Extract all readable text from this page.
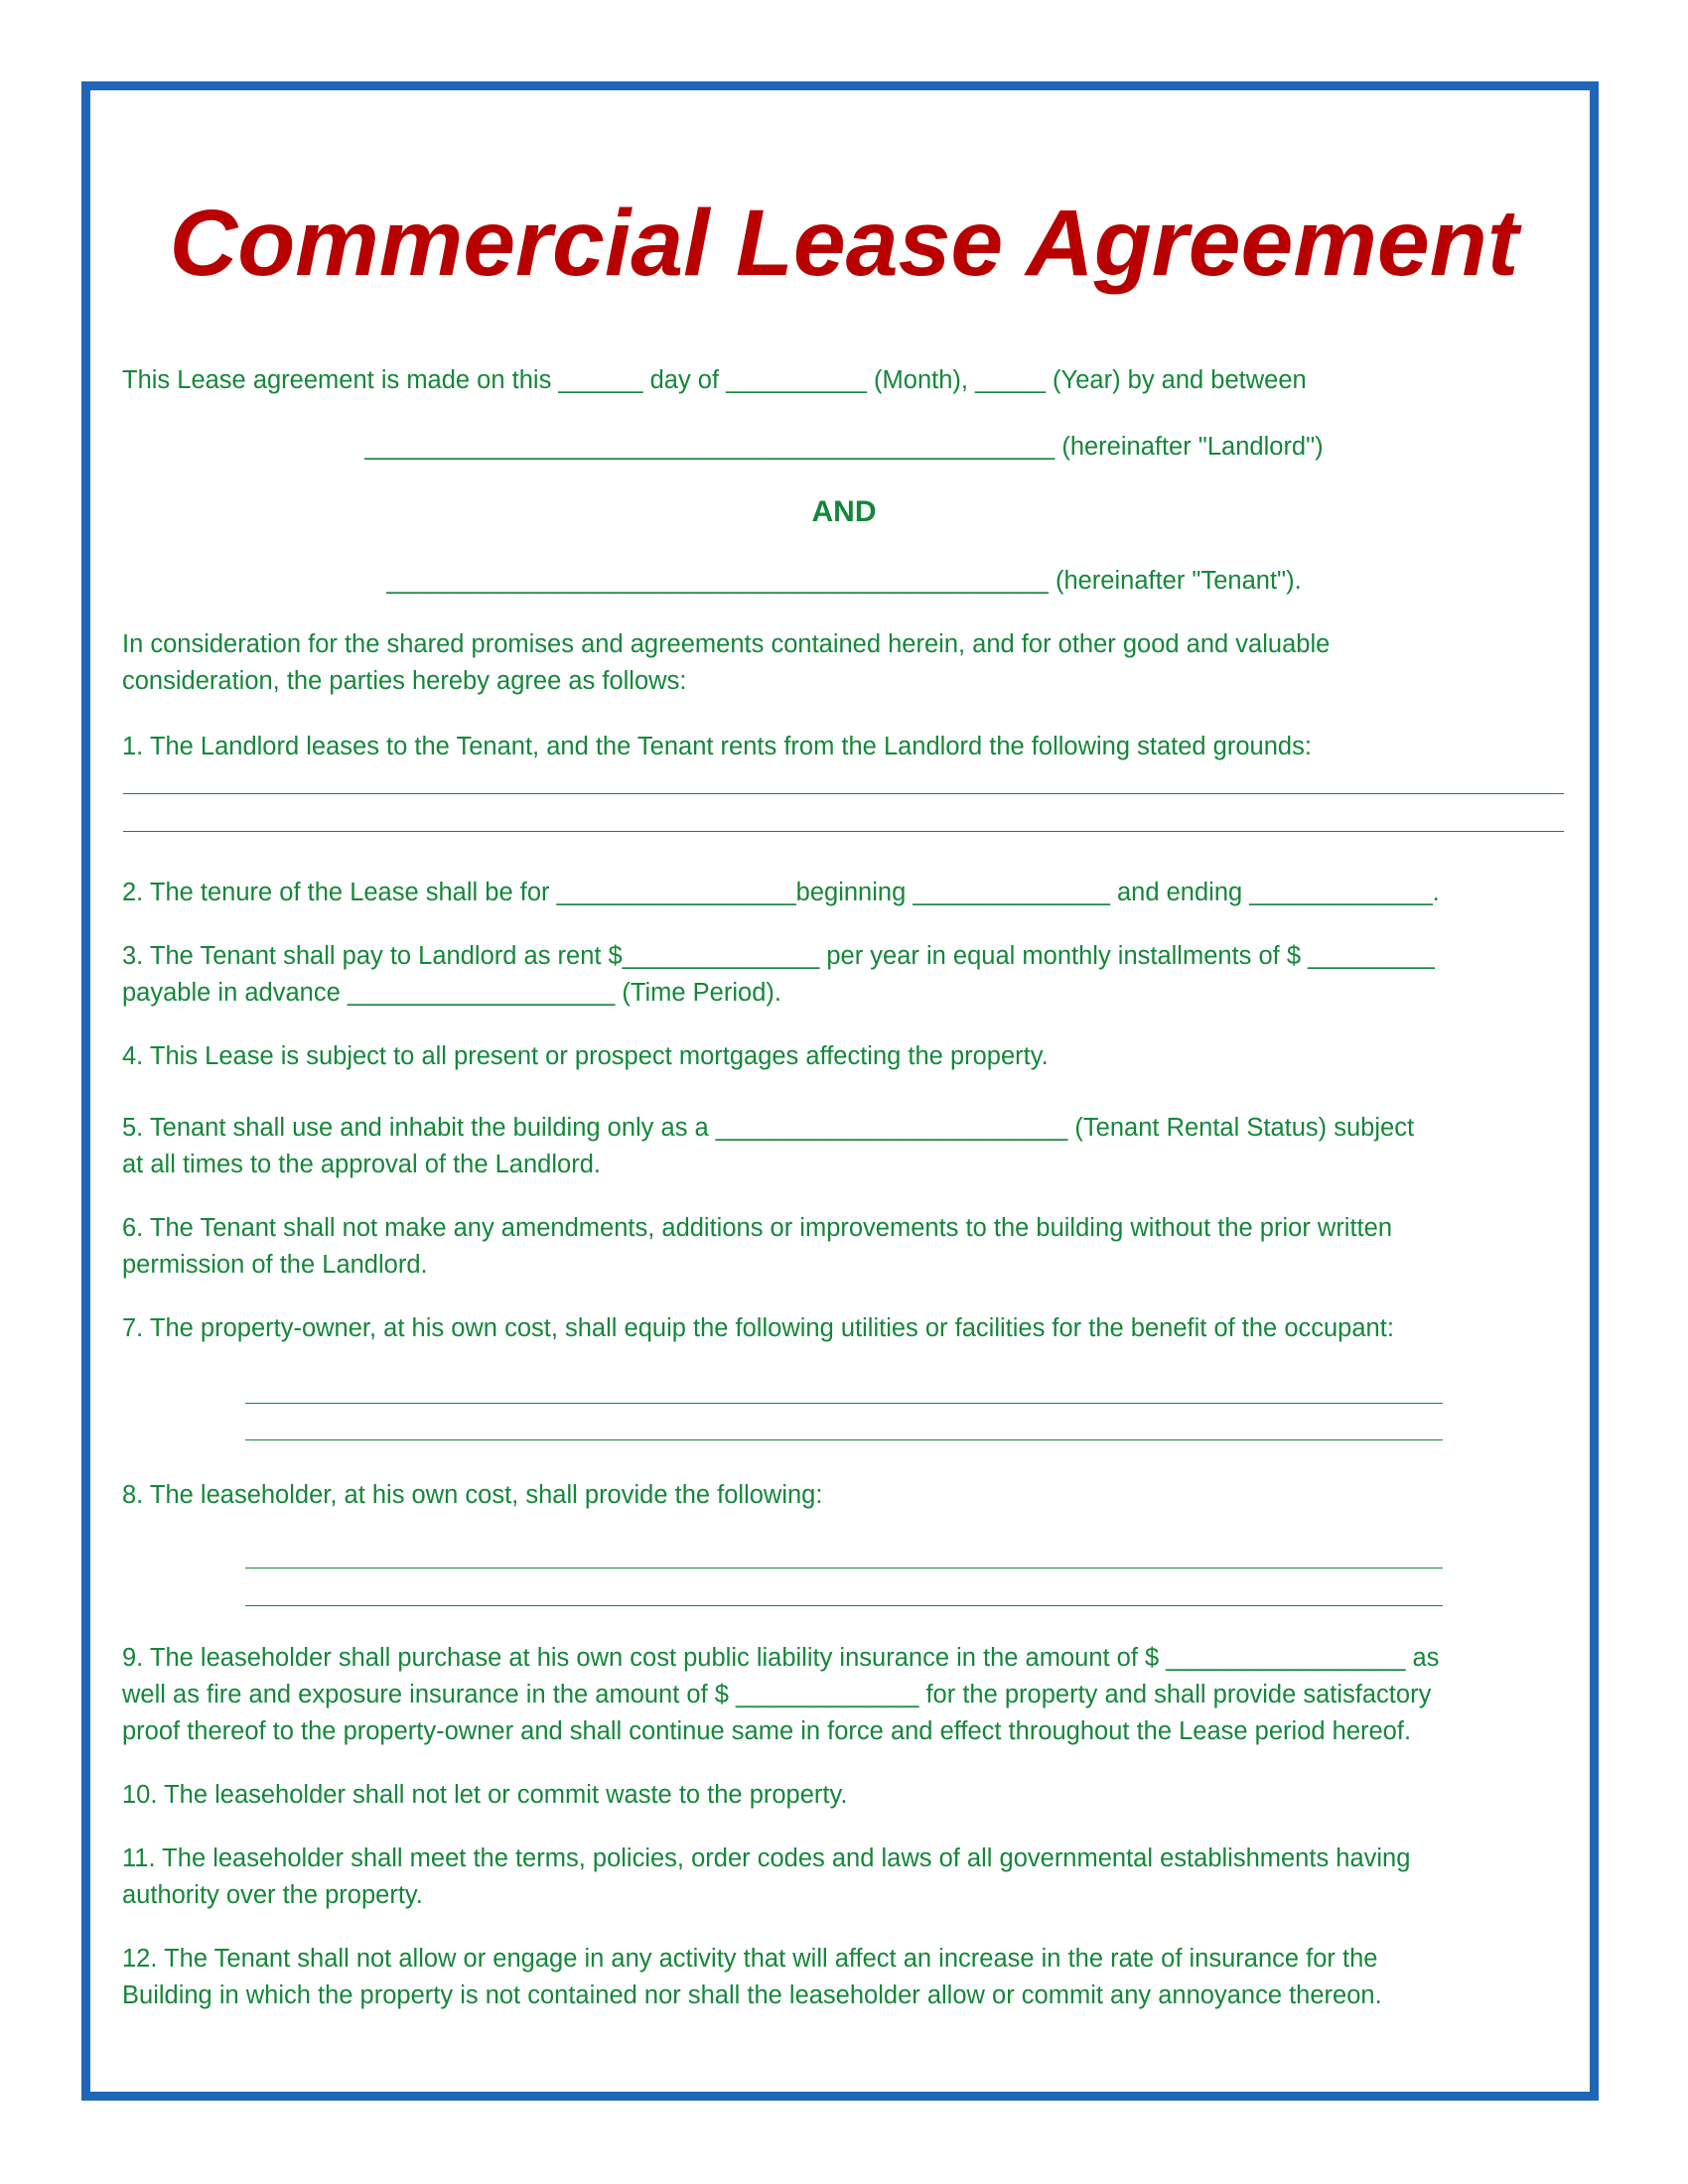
Commercial Lease Agreement
This Lease agreement is made on this ______ day of __________ (Month), _____ (Year) by and between
_________________________________________________ (hereinafter "Landlord")
AND
_______________________________________________ (hereinafter "Tenant").
In consideration for the shared promises and agreements contained herein, and for other good and valuable
consideration, the parties hereby agree as follows:
1. The Landlord leases to the Tenant, and the Tenant rents from the Landlord the following stated grounds:
2. The tenure of the Lease shall be for _________________beginning ______________ and ending _____________.
3. The Tenant shall pay to Landlord as rent $______________ per year in equal monthly installments of $ _________
payable in advance ___________________ (Time Period).
4. This Lease is subject to all present or prospect mortgages affecting the property.
5. Tenant shall use and inhabit the building only as a _________________________ (Tenant Rental Status) subject
at all times to the approval of the Landlord.
6. The Tenant shall not make any amendments, additions or improvements to the building without the prior written
permission of the Landlord.
7. The property-owner, at his own cost, shall equip the following utilities or facilities for the benefit of the occupant:
8. The leaseholder, at his own cost, shall provide the following:
9. The leaseholder shall purchase at his own cost public liability insurance in the amount of $ _________________ as
well as fire and exposure insurance in the amount of $ _____________ for the property and shall provide satisfactory
proof thereof to the property-owner and shall continue same in force and effect throughout the Lease period hereof.
10. The leaseholder shall not let or commit waste to the property.
11. The leaseholder shall meet the terms, policies, order codes and laws of all governmental establishments having
authority over the property.
12. The Tenant shall not allow or engage in any activity that will affect an increase in the rate of insurance for the
Building in which the property is not contained nor shall the leaseholder allow or commit any annoyance thereon.
